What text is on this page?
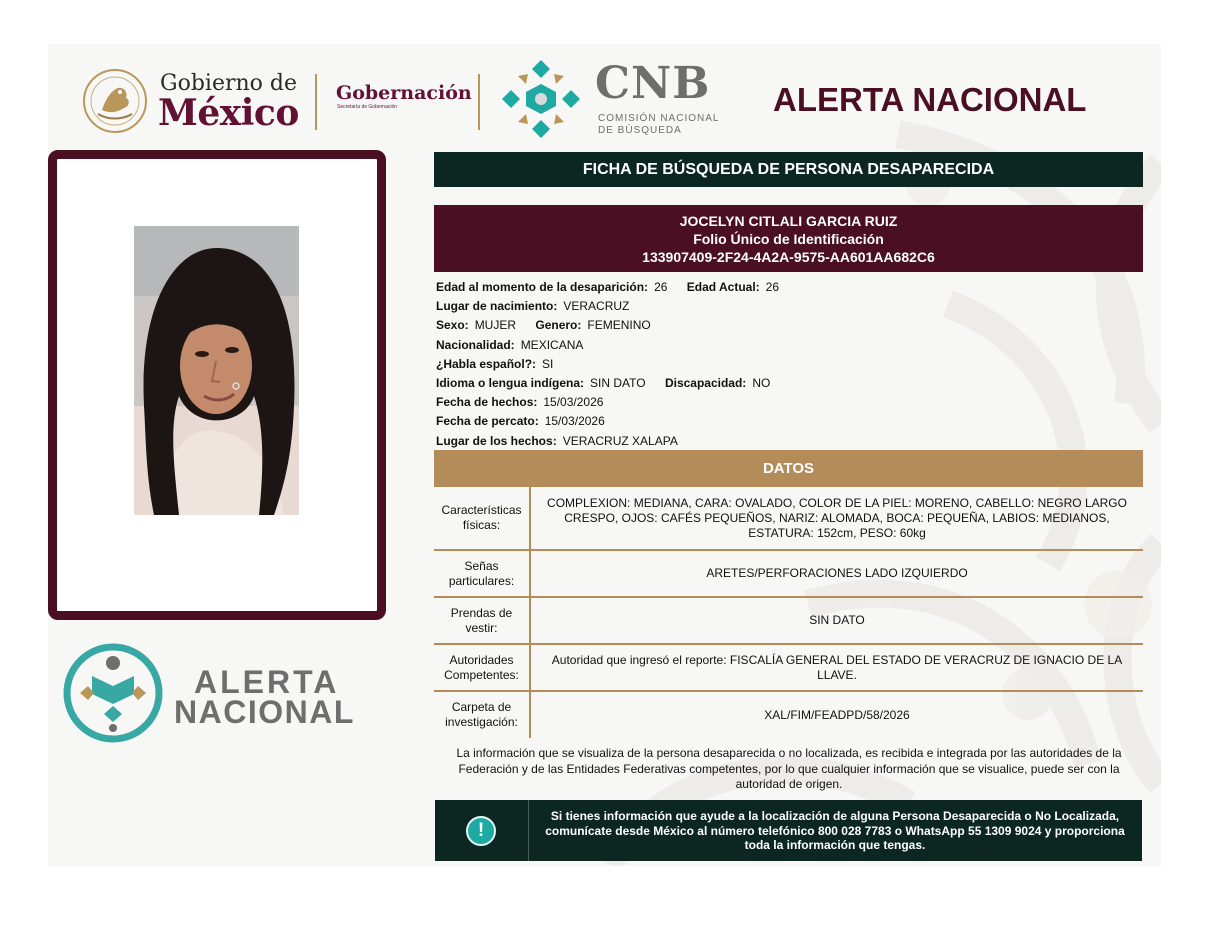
Gobierno de
México Gobernación
Secretaría de Gobernación	CNB
COMISIÓN NACIONAL
DE BÚSQUEDA
ALERTA NACIONAL
ALERTA
NACIONAL
FICHA DE BÚSQUEDA DE PERSONA DESAPARECIDA
JOCELYN CITLALI GARCIA RUIZ
Folio Único de Identificación
133907409-2F24-4A2A-9575-AA601AA682C6
Edad al momento de la desaparición: 26 Edad Actual: 26
Lugar de nacimiento: VERACRUZ
Sexo: MUJER Genero: FEMENINO
Nacionalidad: MEXICANA
¿Habla español?: SI
Idioma o lengua indígena: SIN DATO Discapacidad: NO
Fecha de hechos: 15/03/2026
Fecha de percato: 15/03/2026
Lugar de los hechos: VERACRUZ XALAPA
DATOS
Características físicas:	COMPLEXION: MEDIANA, CARA: OVALADO, COLOR DE LA PIEL: MORENO, CABELLO: NEGRO LARGO CRESPO, OJOS: CAFÉS PEQUEÑOS, NARIZ: ALOMADA, BOCA: PEQUEÑA, LABIOS: MEDIANOS, ESTATURA: 152cm, PESO: 60kg
Señas particulares:	ARETES/PERFORACIONES LADO IZQUIERDO
Prendas de vestir:	SIN DATO
Autoridades Competentes:	Autoridad que ingresó el reporte: FISCALÍA GENERAL DEL ESTADO DE VERACRUZ DE IGNACIO DE LA LLAVE.
Carpeta de investigación:	XAL/FIM/FEADPD/58/2026
La información que se visualiza de la persona desaparecida o no localizada, es recibida e integrada por las autoridades de la Federación y de las Entidades Federativas competentes, por lo que cualquier información que se visualice, puede ser con la autoridad de origen.
!
Si tienes información que ayude a la localización de alguna Persona Desaparecida o No Localizada, comunícate desde México al número telefónico 800 028 7783 o WhatsApp 55 1309 9024 y proporciona toda la información que tengas.
